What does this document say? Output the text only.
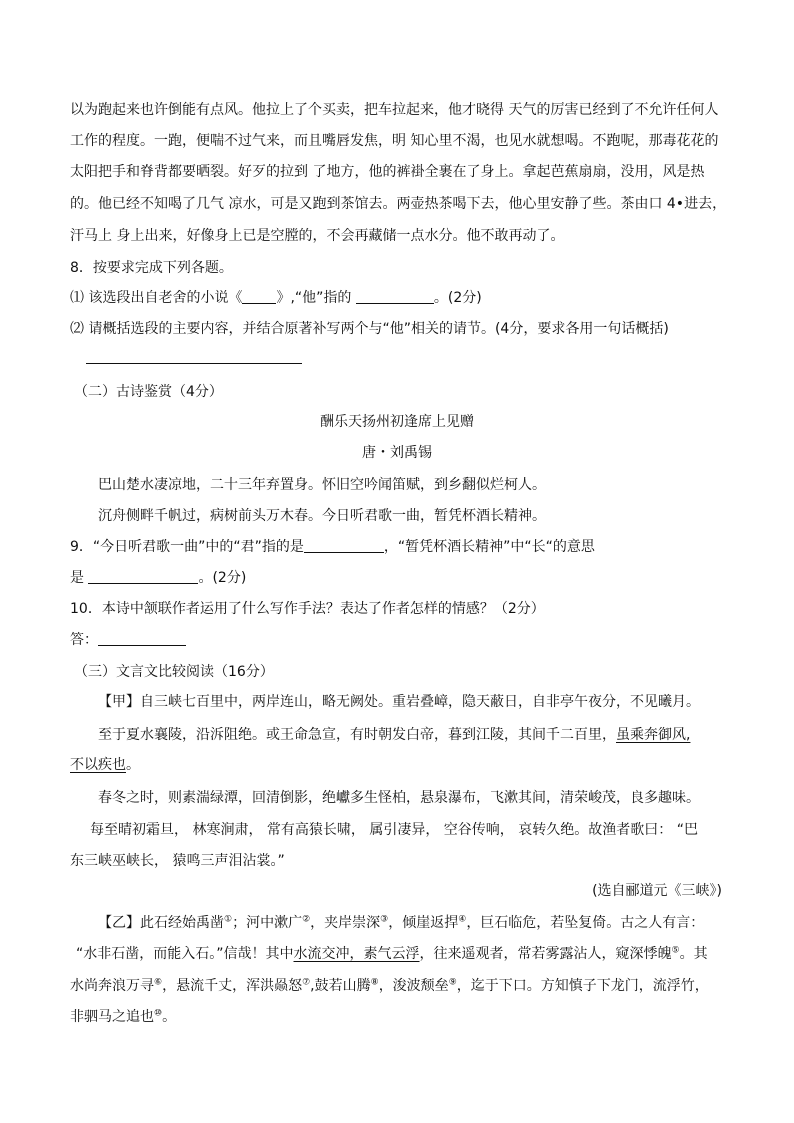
以为跑起来也许倒能有点风。他拉上了个买卖，把车拉起来，他才晓得 天气的厉害已经到了不允许任何人
工作的程度。一跑，便喘不过气来，而且嘴唇发焦，明 知心里不渴，也见水就想喝。不跑呢，那毒花花的
太阳把手和脊背都要晒裂。好歹的拉到 了地方，他的裤褂全裹在了身上。拿起芭蕉扇扇，没用，风是热
的。他已经不知喝了几气 凉水，可是又跑到茶馆去。两壶热茶喝下去，他心里安静了些。茶由口 4•进去，
汗马上 身上出来，好像身上已是空膛的，不会再藏储一点水分。他不敢再动了。
8．按要求完成下列各题。
⑴ 该选段出自老舍的小说《 》,“他”指的	。(2分)
⑵ 请概括选段的主要内容，并结合原著补写两个与“他”相关的请节。(4分，要求各用一句话概括)
（二）古诗鉴赏（4分）
酬乐天扬州初逢席上见赠
唐・刘禹锡
巴山楚水凄凉地，二十三年弃置身。怀旧空吟闻笛赋，到乡翻似烂柯人。
沉舟侧畔千帆过，病树前头万木春。今日听君歌一曲，暂凭杯酒长精神。
9．“今日听君歌一曲”中的“君”指的是	，“暂凭杯酒长精神”中“长“的意思
是	。(2分)
10．本诗中颔联作者运用了什么写作手法？表达了作者怎样的情感？（2分）
答：
（三）文言文比较阅读（16分）
【甲】自三峡七百里中，两岸连山，略无阙处。重岩叠嶂，隐天蔽日，自非亭午夜分，不见曦月。
至于夏水襄陵，沿泝阻绝。或王命急宣，有时朝发白帝，暮到江陵，其间千二百里，虽乘奔御风,
不以疾也。
春冬之时，则素湍绿潭，回清倒影，绝巘多生怪柏，悬泉瀑布，飞漱其间，清荣峻茂，良多趣味。
每至晴初霜旦， 林寒涧肃， 常有高猿长啸， 属引凄异， 空谷传响， 哀转久绝。故渔者歌曰： “巴
东三峡巫峡长， 猿鸣三声泪沾裳。”
(选自郦道元《三峡》)
【乙】此石经始禹凿①；河中漱广②，夹岸崇深③，倾崖返捍④，巨石临危，若坠复倚。古之人有言：
“水非石凿，而能入石。”信哉！其中水流交冲，素气云浮，往来遥观者，常若雾露沾人，窥深悸魄⑤。其
水尚奔浪万寻⑥，悬流千丈，浑洪赑怒⑦,鼓若山腾⑧，浚波颓垒⑨，迄于下口。方知慎子下龙门，流浮竹，
非驷马之追也⑩。
